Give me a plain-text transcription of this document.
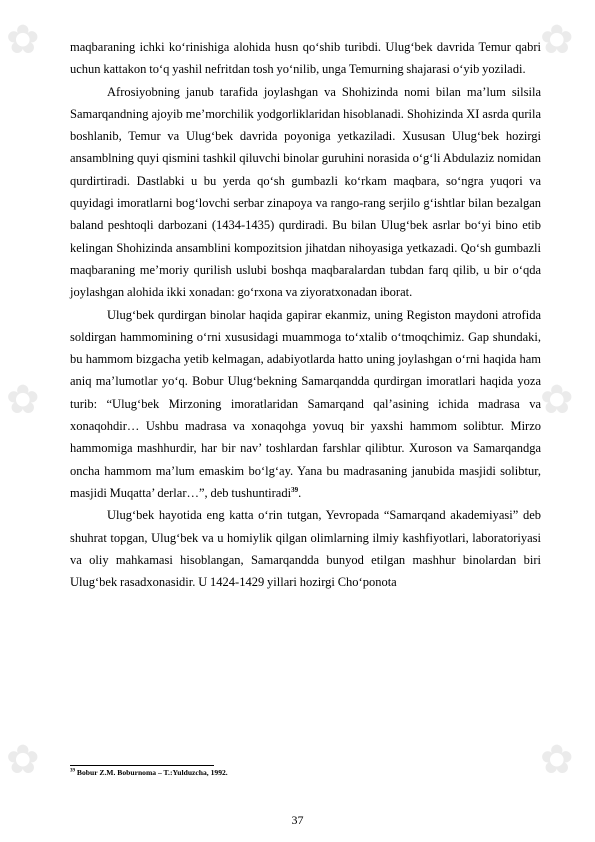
✿	✿
✿	✿
✿	✿

maqbaraning ichki ko‘rinishiga alohida husn qo‘shib turibdi. Ulug‘bek davrida Temur qabri uchun kattakon to‘q yashil nefritdan tosh yo‘nilib, unga Temurning shajarasi o‘yib yoziladi.

Afrosiyobning janub tarafida joylashgan va Shohizinda nomi bilan ma’lum silsila Samarqandning ajoyib me’morchilik yodgorliklaridan hisoblanadi. Shohizinda XI asrda qurila boshlanib, Temur va Ulug‘bek davrida poyoniga yetkaziladi. Xususan Ulug‘bek hozirgi ansamblning quyi qismini tashkil qiluvchi binolar guruhini norasida o‘g‘li Abdulaziz nomidan qurdirtiradi. Dastlabki u bu yerda qo‘sh gumbazli ko‘rkam maqbara, so‘ngra yuqori va quyidagi imoratlarni bog‘lovchi serbar zinapoya va rango-rang serjilo g‘ishtlar bilan bezalgan baland peshtoqli darbozani (1434-1435) qurdiradi. Bu bilan Ulug‘bek asrlar bo‘yi bino etib kelingan Shohizinda ansamblini kompozitsion jihatdan nihoyasiga yetkazadi. Qo‘sh gumbazli maqbaraning me’moriy qurilish uslubi boshqa maqbaralardan tubdan farq qilib, u bir o‘qda joylashgan alohida ikki xonadan: go‘rxona va ziyoratxonadan iborat.

Ulug‘bek qurdirgan binolar haqida gapirar ekanmiz, uning Registon maydoni atrofida soldirgan hammomining o‘rni xususidagi muammoga to‘xtalib o‘tmoqchimiz. Gap shundaki, bu hammom bizgacha yetib kelmagan, adabiyotlarda hatto uning joylashgan o‘rni haqida ham aniq ma’lumotlar yo‘q. Bobur Ulug‘bekning Samarqandda qurdirgan imoratlari haqida yoza turib: “Ulug‘bek Mirzoning imoratlaridan Samarqand qal’asining ichida madrasa va xonaqohdir… Ushbu madrasa va xonaqohga yovuq bir yaxshi hammom solibtur. Mirzo hammomiga mashhurdir, har bir nav’ toshlardan farshlar qilibtur. Xuroson va Samarqandga oncha hammom ma’lum emaskim bo‘lg‘ay. Yana bu madrasaning janubida masjidi solibtur, masjidi Muqatta’ derlar…”, deb tushuntiradi$^{39}$.

Ulug‘bek hayotida eng katta o‘rin tutgan, Yevropada “Samarqand akademiyasi” deb shuhrat topgan, Ulug‘bek va u homiylik qilgan olimlarning ilmiy kashfiyotlari, laboratoriyasi va oliy mahkamasi hisoblangan, Samarqandda bunyod etilgan mashhur binolardan biri Ulug‘bek rasadxonasidir. U 1424-1429 yillari hozirgi Cho‘ponota

$^{39}$ Bobur Z.M. Boburnoma – T.:Yulduzcha, 1992.
37
